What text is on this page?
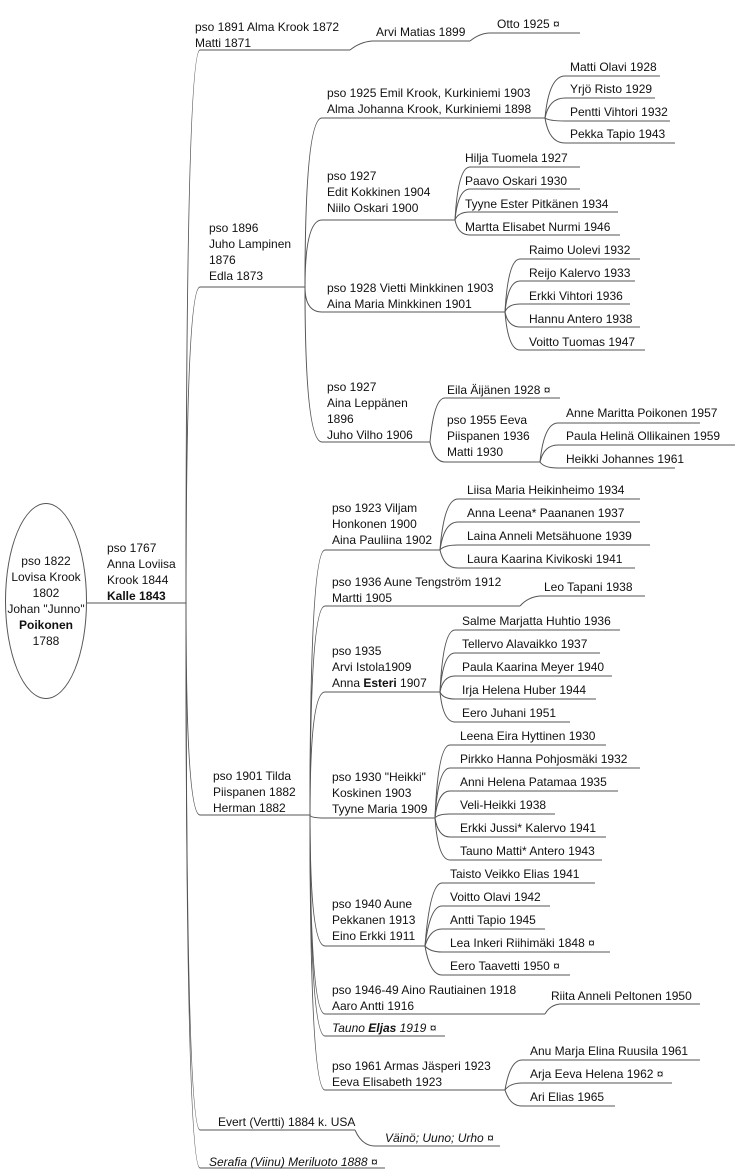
pso 1822
Lovisa Krook
1802
Johan "Junno"
Poikonen
1788
pso 1767
Anna Loviisa
Krook 1844
Kalle 1843
pso 1891 Alma Krook 1872
Matti 1871
Arvi Matias 1899
Otto 1925 ¤
pso 1896
Juho Lampinen
1876
Edla 1873
pso 1925 Emil Krook, Kurkiniemi 1903
Alma Johanna Krook, Kurkiniemi 1898
Matti Olavi 1928
Yrjö Risto 1929
Pentti Vihtori 1932
Pekka Tapio 1943
pso 1927
Edit Kokkinen 1904
Niilo Oskari 1900
Hilja Tuomela 1927
Paavo Oskari 1930
Tyyne Ester Pitkänen 1934
Martta Elisabet Nurmi 1946
pso 1928 Vietti Minkkinen 1903
Aina Maria Minkkinen 1901
Raimo Uolevi 1932
Reijo Kalervo 1933
Erkki Vihtori 1936
Hannu Antero 1938
Voitto Tuomas 1947
pso 1927
Aina Leppänen
1896
Juho Vilho 1906
Eila Äijänen 1928 ¤
pso 1955 Eeva
Piispanen 1936
Matti 1930
Anne Maritta Poikonen 1957
Paula Helinä Ollikainen 1959
Heikki Johannes 1961
pso 1901 Tilda
Piispanen 1882
Herman 1882
pso 1923 Viljam
Honkonen 1900
Aina Pauliina 1902
Liisa Maria Heikinheimo 1934
Anna Leena* Paananen 1937
Laina Anneli Metsähuone 1939
Laura Kaarina Kivikoski 1941
pso 1936 Aune Tengström 1912
Martti 1905
Leo Tapani 1938
pso 1935
Arvi Istola1909
Anna Esteri 1907
Salme Marjatta Huhtio 1936
Tellervo Alavaikko 1937
Paula Kaarina Meyer 1940
Irja Helena Huber 1944
Eero Juhani 1951
pso 1930 "Heikki"
Koskinen 1903
Tyyne Maria 1909
Leena Eira Hyttinen 1930
Pirkko Hanna Pohjosmäki 1932
Anni Helena Patamaa 1935
Veli-Heikki 1938
Erkki Jussi* Kalervo 1941
Tauno Matti* Antero 1943
pso 1940 Aune
Pekkanen 1913
Eino Erkki 1911
Taisto Veikko Elias 1941
Voitto Olavi 1942
Antti Tapio 1945
Lea Inkeri Riihimäki 1848 ¤
Eero Taavetti 1950 ¤
pso 1946-49 Aino Rautiainen 1918
Aaro Antti 1916
Riita Anneli Peltonen 1950
Tauno Eljas 1919 ¤
pso 1961 Armas Jäsperi 1923
Eeva Elisabeth 1923
Anu Marja Elina Ruusila 1961
Arja Eeva Helena 1962 ¤
Ari Elias 1965
Evert (Vertti) 1884 k. USA
Väinö; Uuno; Urho ¤
Serafia (Viinu) Meriluoto 1888 ¤
